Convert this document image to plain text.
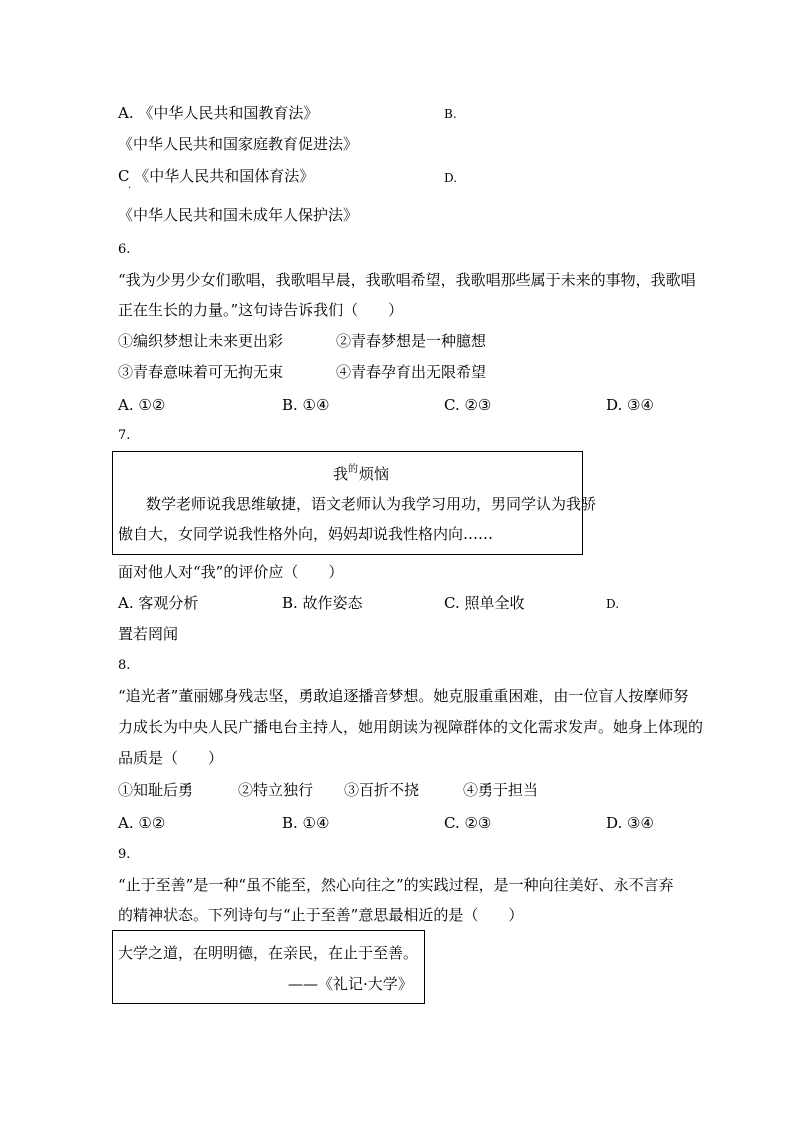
A. 《中华人民共和国教育法》	B.
《中华人民共和国家庭教育促进法》
C 《中华人民共和国体育法》
·
D.
《中华人民共和国未成年人保护法》
6.
“我为少男少女们歌唱，我歌唱早晨，我歌唱希望，我歌唱那些属于未来的事物，我歌唱
正在生长的力量。”这句诗告诉我们（　　）
①编织梦想让未来更出彩	②青春梦想是一种臆想
③青春意味着可无拘无束	④青春孕育出无限希望
A. ①②	B. ①④	C. ②③	D. ③④
7.
我 的 烦恼
数学老师说我思维敏捷，语文老师认为我学习用功，男同学认为我骄
傲自大，女同学说我性格外向，妈妈却说我性格内向……
面对他人对“我”的评价应（　　）
A. 客观分析	B. 故作姿态	C. 照单全收	D.
置若罔闻
8.
“追光者”董丽娜身残志坚，勇敢追逐播音梦想。她克服重重困难，由一位盲人按摩师努
力成长为中央人民广播电台主持人，她用朗读为视障群体的文化需求发声。她身上体现的
品质是（　　）
①知耻后勇	②特立独行 ③百折不挠	④勇于担当
A. ①②	B. ①④	C. ②③	D. ③④
9.
“止于至善”是一种“虽不能至，然心向往之”的实践过程，是一种向往美好、永不言弃
的精神状态。下列诗句与“止于至善”意思最相近的是（　　）
大学之道，在明明德，在亲民，在止于至善。
——《礼记·大学》
